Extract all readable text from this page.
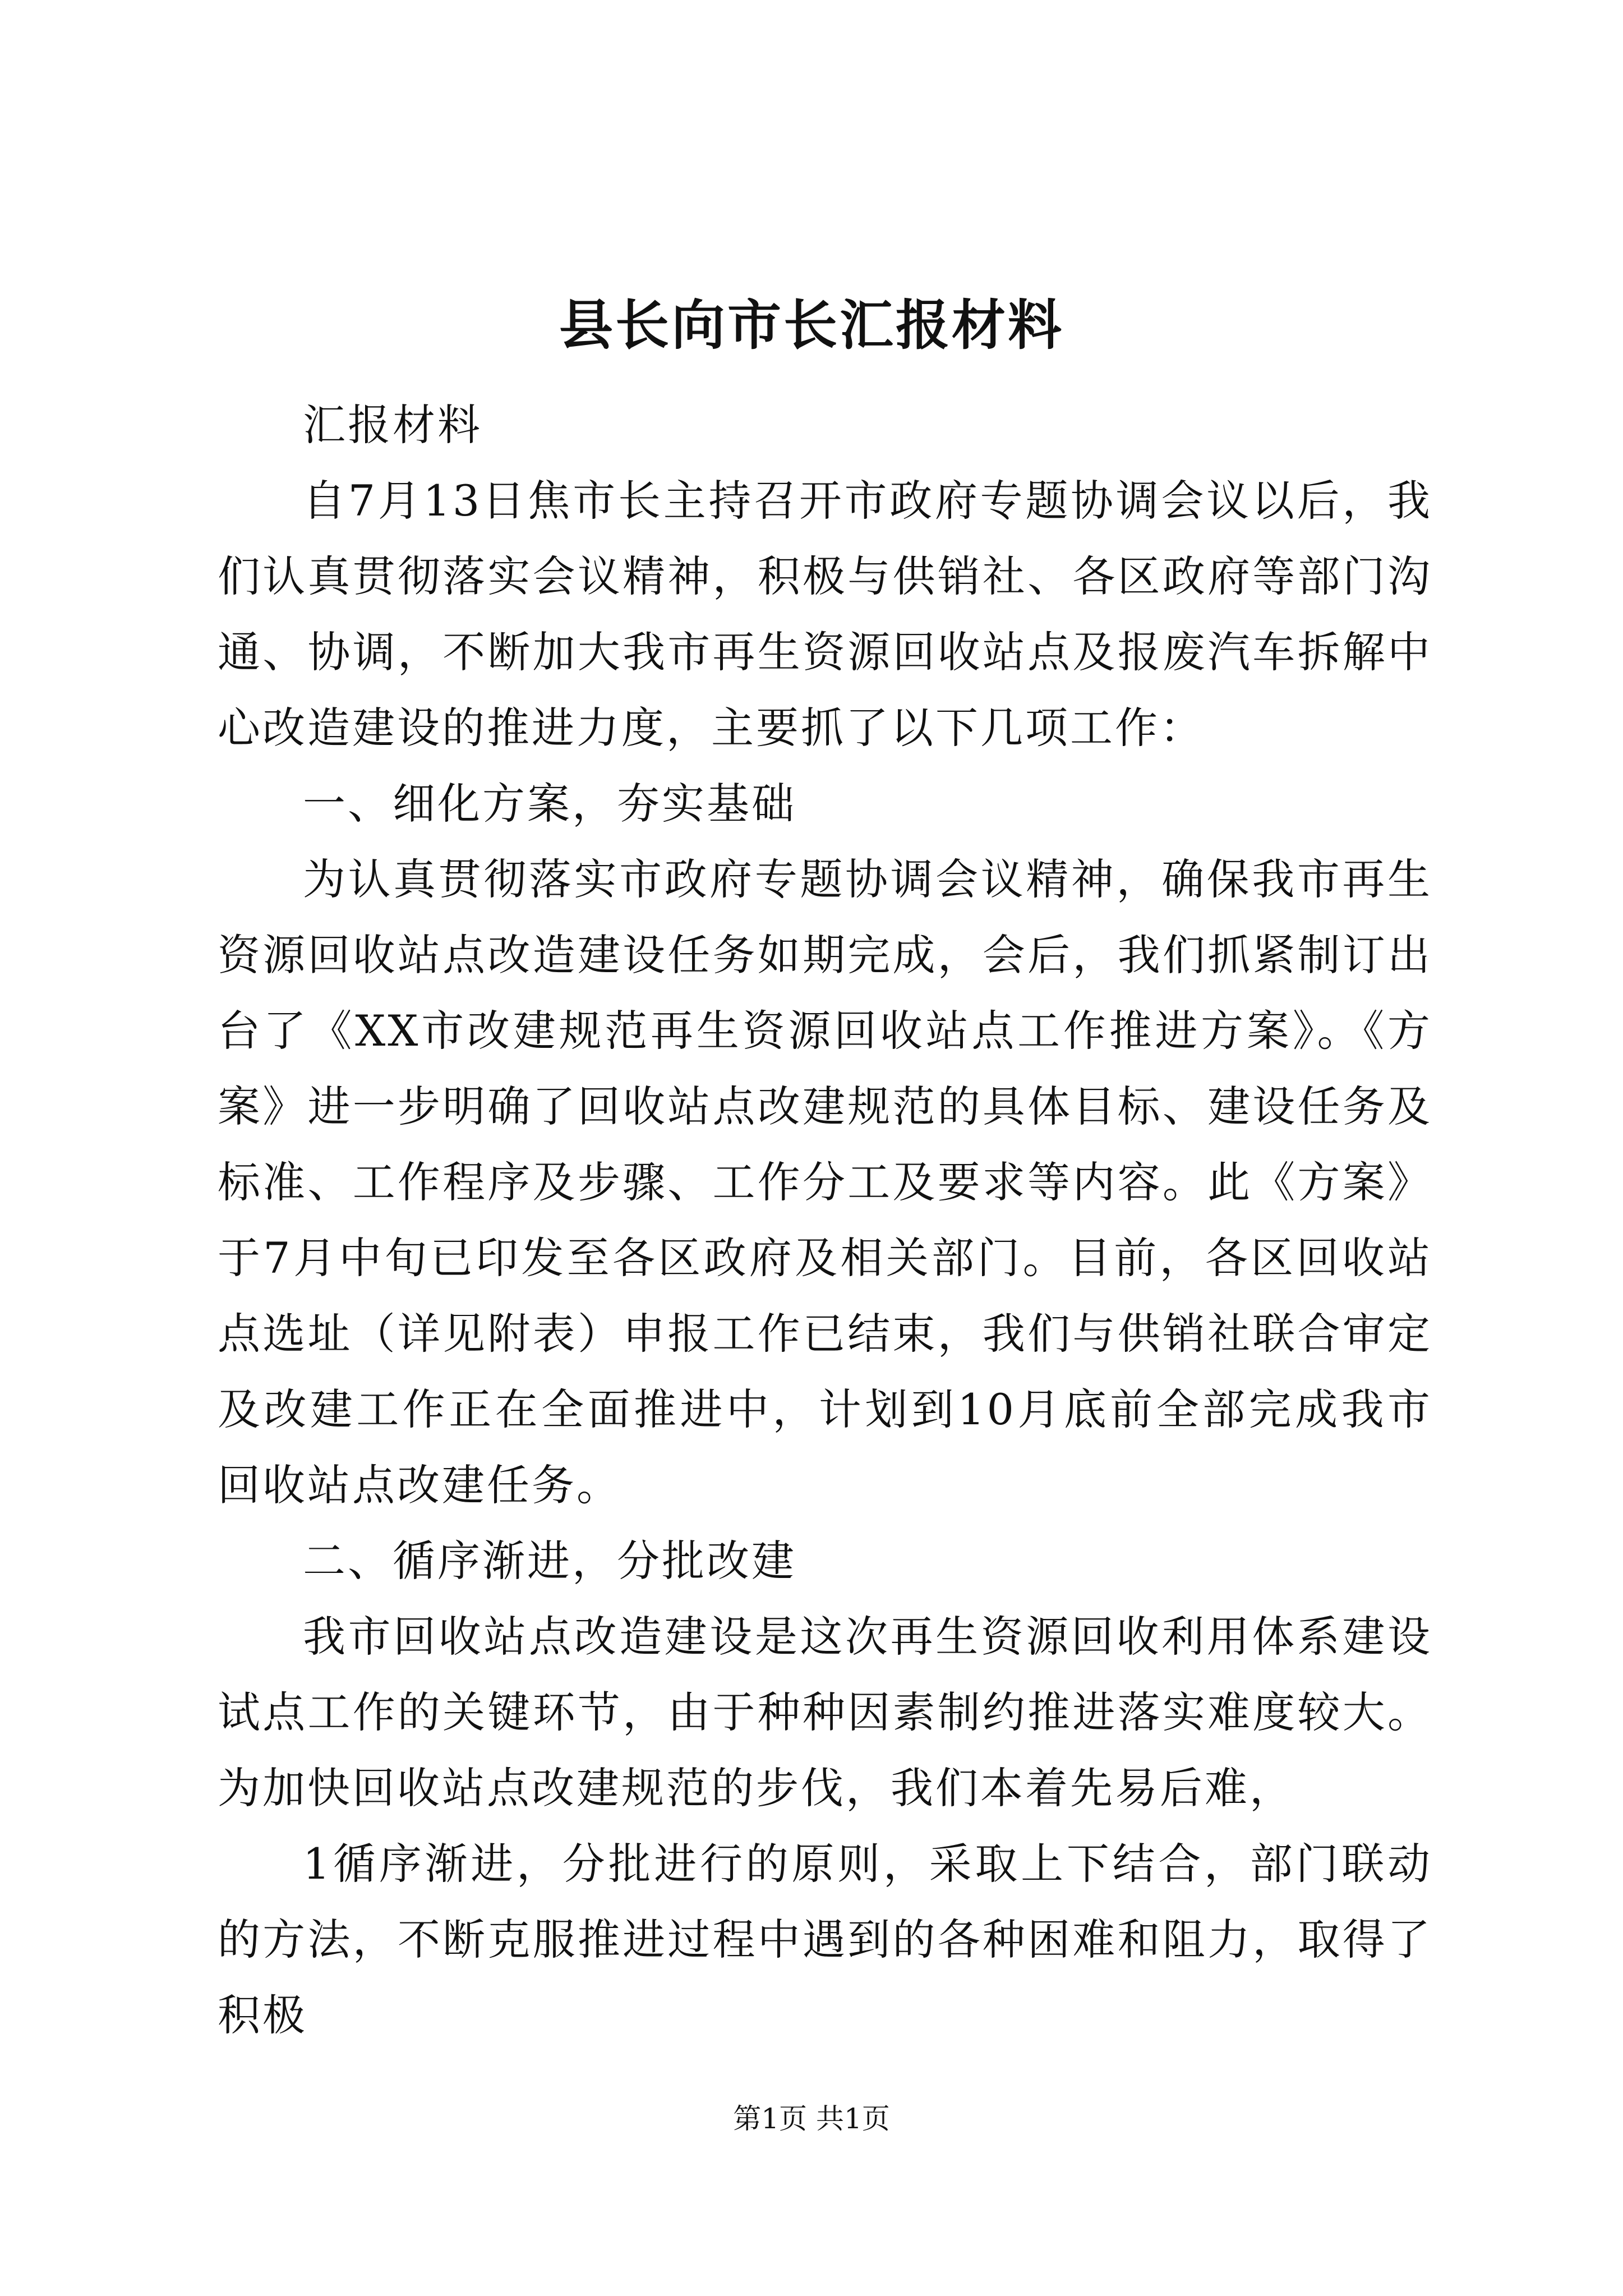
县长向市长汇报材料

汇报材料

自7月13日焦市长主持召开市政府专题协调会议以后，我们认真贯彻落实会议精神，积极与供销社、各区政府等部门沟通、协调，不断加大我市再生资源回收站点及报废汽车拆解中心改造建设的推进力度，主要抓了以下几项工作：

一、细化方案，夯实基础

为认真贯彻落实市政府专题协调会议精神，确保我市再生资源回收站点改造建设任务如期完成，会后，我们抓紧制订出台了《XX市改建规范再生资源回收站点工作推进方案》。《方案》进一步明确了回收站点改建规范的具体目标、建设任务及标准、工作程序及步骤、工作分工及要求等内容。此《方案》于7月中旬已印发至各区政府及相关部门。目前，各区回收站点选址（详见附表）申报工作已结束，我们与供销社联合审定及改建工作正在全面推进中，计划到10月底前全部完成我市回收站点改建任务。

二、循序渐进，分批改建

我市回收站点改造建设是这次再生资源回收利用体系建设试点工作的关键环节，由于种种因素制约推进落实难度较大。为加快回收站点改建规范的步伐，我们本着先易后难，

1循序渐进，分批进行的原则，采取上下结合，部门联动的方法，不断克服推进过程中遇到的各种困难和阻力，取得了积极

第1页 共1页
